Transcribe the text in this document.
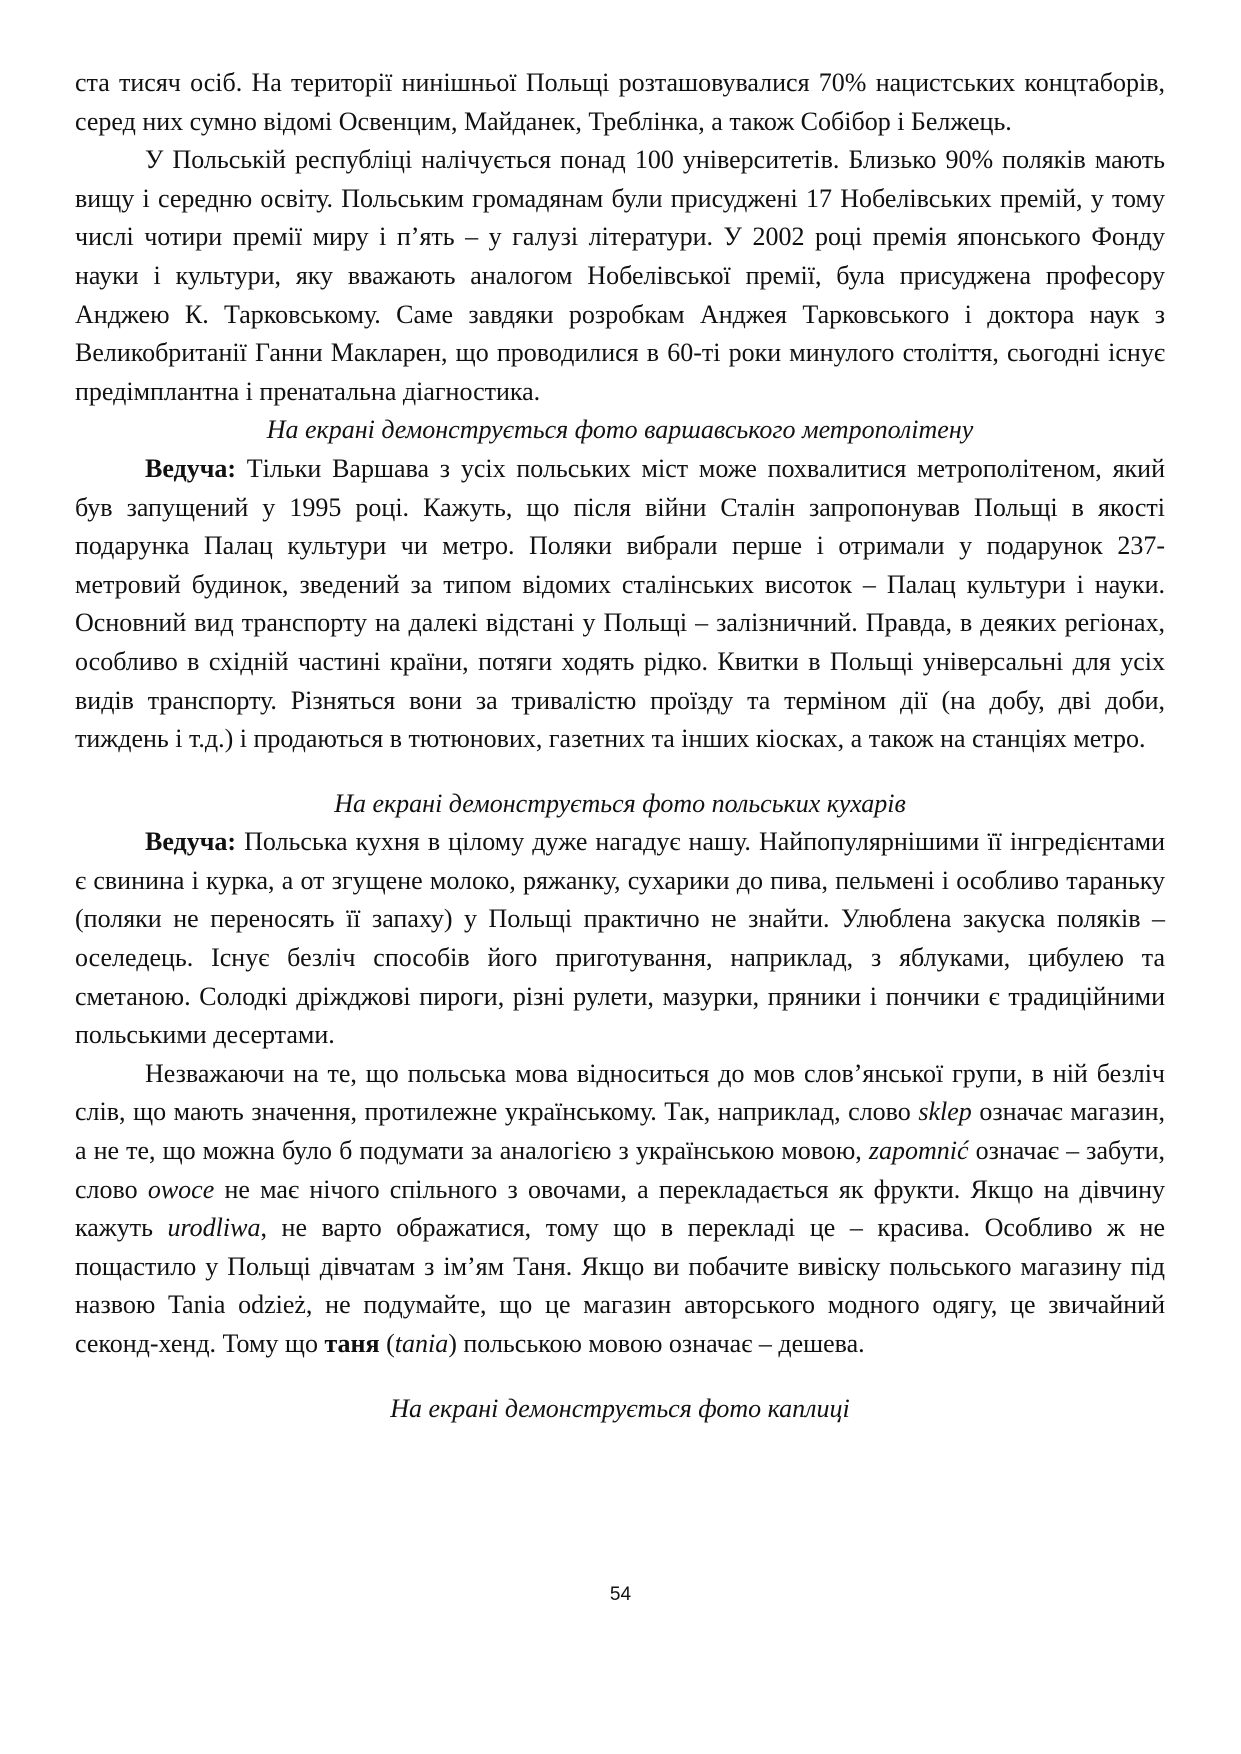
ста тисяч осіб. На території нинішньої Польщі розташовувалися 70% нацистських концтаборів, серед них сумно відомі Освенцим, Майданек, Треблінка, а також Собібор і Белжець.

У Польській республіці налічується понад 100 університетів. Близько 90% поляків мають вищу і середню освіту. Польським громадянам були присуджені 17 Нобелівських премій, у тому числі чотири премії миру і п’ять – у галузі літератури. У 2002 році премія японського Фонду науки і культури, яку вважають аналогом Нобелівської премії, була присуджена професору Анджею К. Тарковському. Саме завдяки розробкам Анджея Тарковського і доктора наук з Великобританії Ганни Макларен, що проводилися в 60-ті роки минулого століття, сьогодні існує предімплантна і пренатальна діагностика.

На екрані демонструється фото варшавського метрополітену

Ведуча: Тільки Варшава з усіх польських міст може похвалитися метрополітеном, який був запущений у 1995 році. Кажуть, що після війни Сталін запропонував Польщі в якості подарунка Палац культури чи метро. Поляки вибрали перше і отримали у подарунок 237-метровий будинок, зведений за типом відомих сталінських висоток – Палац культури і науки. Основний вид транспорту на далекі відстані у Польщі – залізничний. Правда, в деяких регіонах, особливо в східній частині країни, потяги ходять рідко. Квитки в Польщі універсальні для усіх видів транспорту. Різняться вони за тривалістю проїзду та терміном дії (на добу, дві доби, тиждень і т.д.) і продаються в тютюнових, газетних та інших кіосках, а також на станціях метро.

На екрані демонструється фото польських кухарів

Ведуча: Польська кухня в цілому дуже нагадує нашу. Найпопулярнішими її інгредієнтами є свинина і курка, а от згущене молоко, ряжанку, сухарики до пива, пельмені і особливо тараньку (поляки не переносять її запаху) у Польщі практично не знайти. Улюблена закуска поляків – оселедець. Існує безліч способів його приготування, наприклад, з яблуками, цибулею та сметаною. Солодкі дріжджові пироги, різні рулети, мазурки, пряники і пончики є традиційними польськими десертами.

Незважаючи на те, що польська мова відноситься до мов слов’янської групи, в ній безліч слів, що мають значення, протилежне українському. Так, наприклад, слово sklep означає магазин, а не те, що можна було б подумати за аналогією з українською мовою, zapomnić означає – забути, слово owoce не має нічого спільного з овочами, а перекладається як фрукти. Якщо на дівчину кажуть urodliwa, не варто ображатися, тому що в перекладі це – красива. Особливо ж не пощастило у Польщі дівчатам з ім’ям Таня. Якщо ви побачите вивіску польського магазину під назвою Tania odzież, не подумайте, що це магазин авторського модного одягу, це звичайний секонд-хенд. Тому що таня (tania) польською мовою означає – дешева.

На екрані демонструється фото каплиці

54
